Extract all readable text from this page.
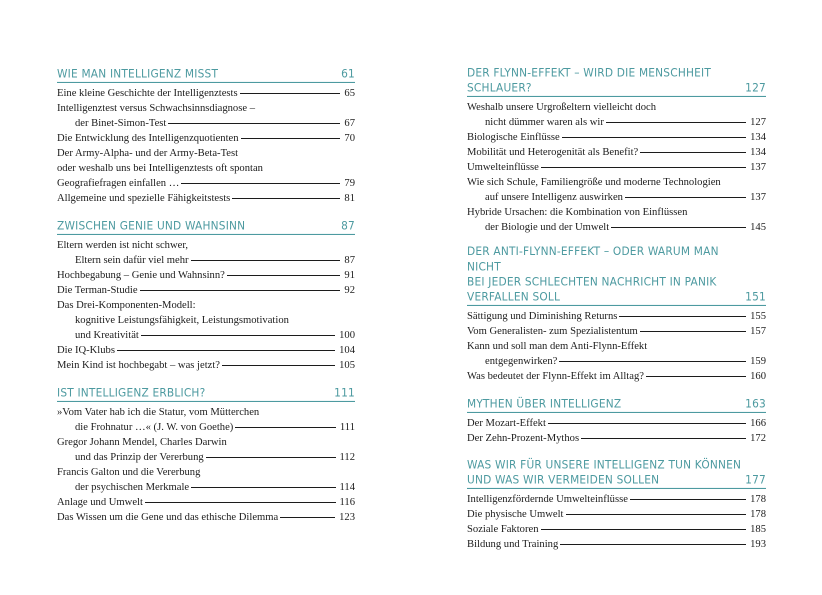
WIE MAN INTELLIGENZ MISST	61
Eine kleine Geschichte der Intelligenztests	65
Intelligenztest versus Schwachsinnsdiagnose –
der Binet-Simon-Test	67
Die Entwicklung des Intelligenzquotienten	70
Der Army-Alpha- und der Army-Beta-Test
oder weshalb uns bei Intelligenztests oft spontan
Geografiefragen einfallen …	79
Allgemeine und spezielle Fähigkeitstests	81
ZWISCHEN GENIE UND WAHNSINN	87
Eltern werden ist nicht schwer,
Eltern sein dafür viel mehr	87
Hochbegabung – Genie und Wahnsinn?	91
Die Terman-Studie	92
Das Drei-Komponenten-Modell:
kognitive Leistungsfähigkeit, Leistungsmotivation
und Kreativität	100
Die IQ-Klubs	104
Mein Kind ist hochbegabt – was jetzt?	105
IST INTELLIGENZ ERBLICH?	111
»Vom Vater hab ich die Statur, vom Mütterchen
die Frohnatur …« (J. W. von Goethe)	111
Gregor Johann Mendel, Charles Darwin
und das Prinzip der Vererbung	112
Francis Galton und die Vererbung
der psychischen Merkmale	114
Anlage und Umwelt	116
Das Wissen um die Gene und das ethische Dilemma	123
DER FLYNN-EFFEKT – WIRD DIE MENSCHHEIT SCHLAUER?	127
Weshalb unsere Urgroßeltern vielleicht doch
nicht dümmer waren als wir	127
Biologische Einflüsse	134
Mobilität und Heterogenität als Benefit?	134
Umwelteinflüsse	137
Wie sich Schule, Familiengröße und moderne Technologien
auf unsere Intelligenz auswirken	137
Hybride Ursachen: die Kombination von Einflüssen
der Biologie und der Umwelt	145
DER ANTI-FLYNN-EFFEKT – ODER WARUM MAN NICHT
BEI JEDER SCHLECHTEN NACHRICHT IN PANIK VERFALLEN SOLL	151
Sättigung und Diminishing Returns	155
Vom Generalisten- zum Spezialistentum	157
Kann und soll man dem Anti-Flynn-Effekt
entgegenwirken?	159
Was bedeutet der Flynn-Effekt im Alltag?	160
MYTHEN ÜBER INTELLIGENZ	163
Der Mozart-Effekt	166
Der Zehn-Prozent-Mythos	172
WAS WIR FÜR UNSERE INTELLIGENZ TUN KÖNNEN
UND WAS WIR VERMEIDEN SOLLEN	177
Intelligenzfördernde Umwelteinflüsse	178
Die physische Umwelt	178
Soziale Faktoren	185
Bildung und Training	193
